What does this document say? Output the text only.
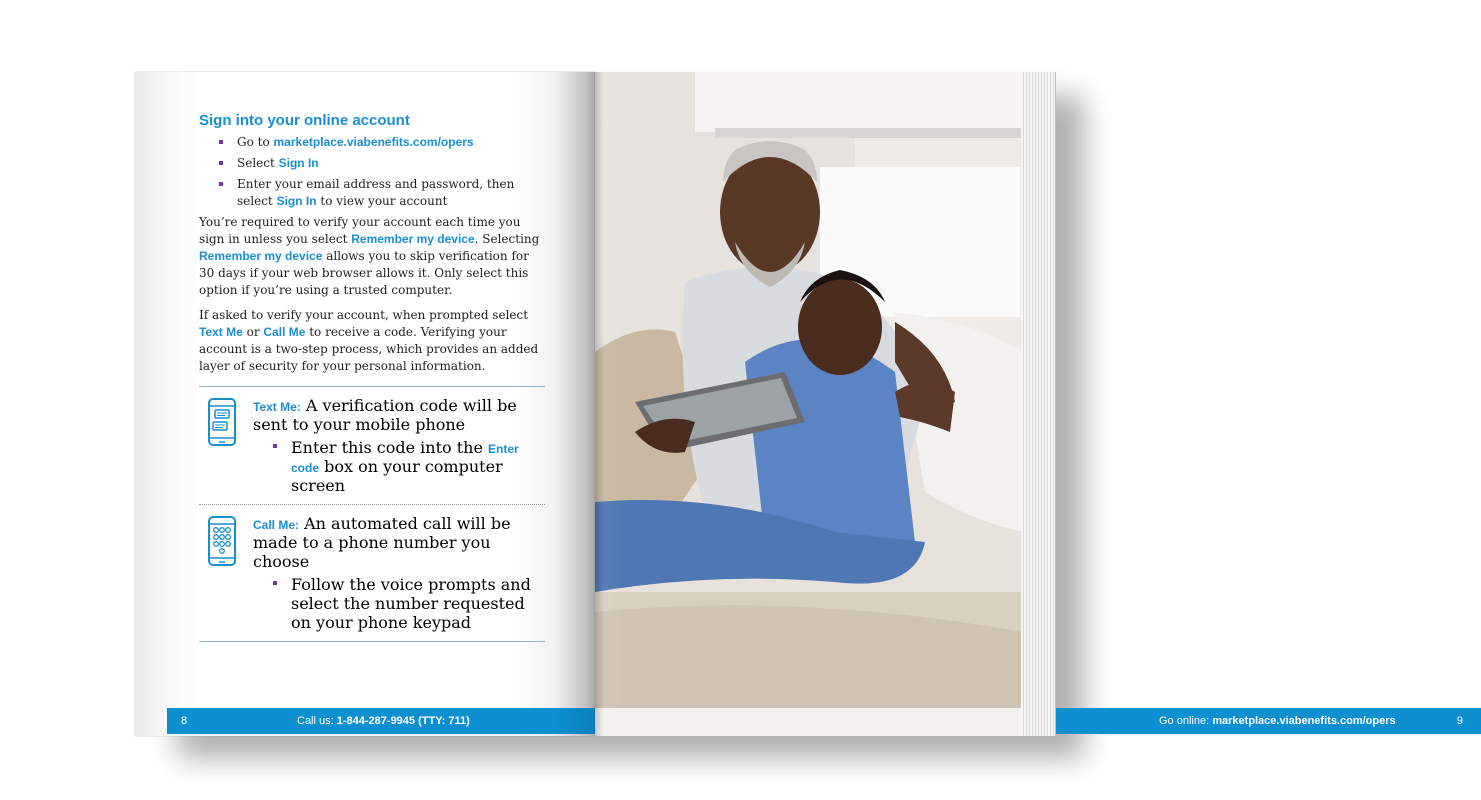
Sign into your online account
Go to marketplace.viabenefits.com/opers
Select Sign In
Enter your email address and password, then select Sign In to view your account

You’re required to verify your account each time you sign in unless you select Remember my device. Selecting Remember my device allows you to skip verification for 30 days if your web browser allows it. Only select this option if you’re using a trusted computer.

If asked to verify your account, when prompted select Text Me or Call Me to receive a code. Verifying your account is a two-step process, which provides an added layer of security for your personal information.

Text Me: A verification code will be sent to your mobile phone
Enter this code into the Enter code box on your computer screen
Call Me: An automated call will be made to a phone number you choose
Follow the voice prompts and select the number requested on your phone keypad
8	Call us: 1-844-287-9945 (TTY: 711)	Go online: marketplace.viabenefits.com/opers	9
